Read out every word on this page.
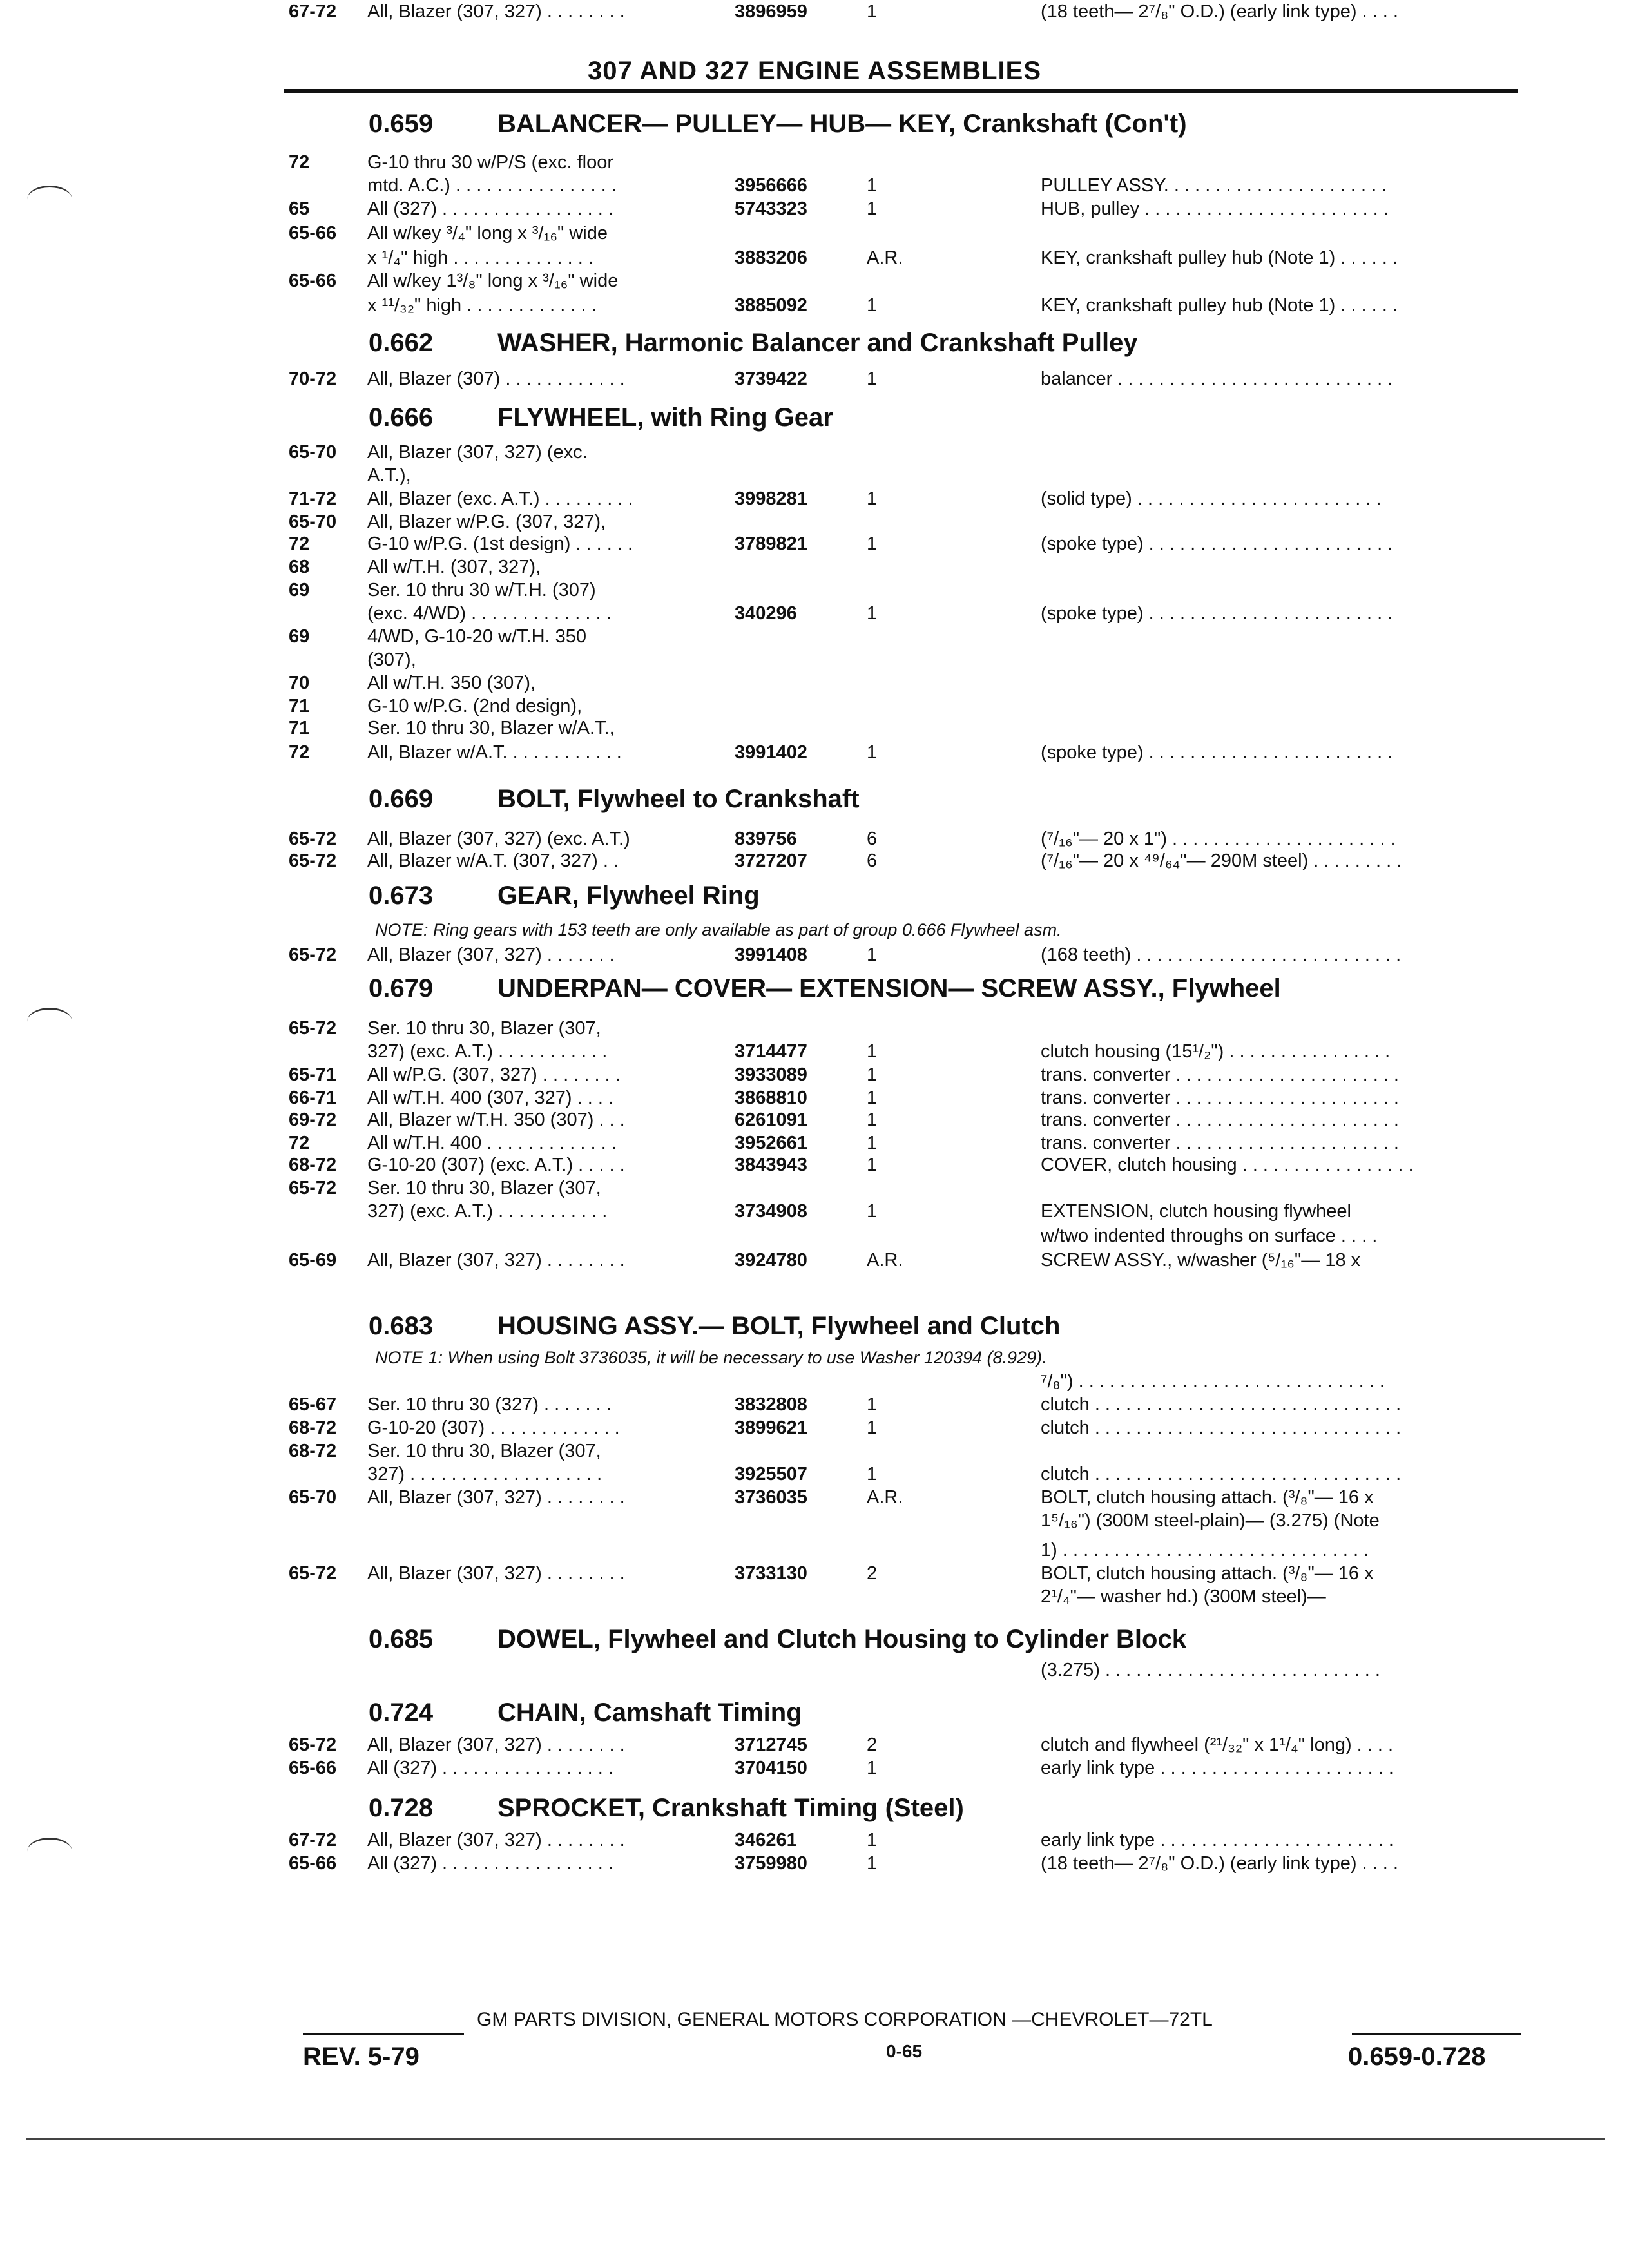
307 AND 327 ENGINE ASSEMBLIES
0.659 BALANCER— PULLEY— HUB— KEY, Crankshaft (Con't)
0.662 WASHER, Harmonic Balancer and Crankshaft Pulley
0.666 FLYWHEEL, with Ring Gear
0.669 BOLT, Flywheel to Crankshaft
0.673 GEAR, Flywheel Ring
0.679 UNDERPAN— COVER— EXTENSION— SCREW ASSY., Flywheel
0.683 HOUSING ASSY.— BOLT, Flywheel and Clutch
0.685 DOWEL, Flywheel and Clutch Housing to Cylinder Block
0.724 CHAIN, Camshaft Timing
0.728 SPROCKET, Crankshaft Timing (Steel)
NOTE: Ring gears with 153 teeth are only available as part of group 0.666 Flywheel asm.
NOTE 1: When using Bolt 3736035, it will be necessary to use Washer 120394 (8.929).
72	G-10 thru 30 w/P/S (exc. floor
mtd. A.C.) . . . . . . . . . . . . . . . .	3956666	1	PULLEY ASSY. . . . . . . . . . . . . . . . . . . . . .
65	All (327) . . . . . . . . . . . . . . . . .	5743323	1	HUB, pulley . . . . . . . . . . . . . . . . . . . . . . . .
65-66 All w/key ³/₄" long x ³/₁₆" wide
x ¹/₄" high . . . . . . . . . . . . . .	3883206	A.R.	KEY, crankshaft pulley hub (Note 1) . . . . . .
65-66 All w/key 1³/₈" long x ³/₁₆" wide
x ¹¹/₃₂" high . . . . . . . . . . . . .	3885092	1	KEY, crankshaft pulley hub (Note 1) . . . . . .
70-72 All, Blazer (307) . . . . . . . . . . . .	3739422	1	balancer . . . . . . . . . . . . . . . . . . . . . . . . . . .
65-70 All, Blazer (307, 327) (exc.
A.T.),
71-72 All, Blazer (exc. A.T.) . . . . . . . . .	3998281	1	(solid type) . . . . . . . . . . . . . . . . . . . . . . . .
65-70 All, Blazer w/P.G. (307, 327),
72	G-10 w/P.G. (1st design) . . . . . .	3789821	1	(spoke type) . . . . . . . . . . . . . . . . . . . . . . . .
68	All w/T.H. (307, 327),
69	Ser. 10 thru 30 w/T.H. (307)
(exc. 4/WD) . . . . . . . . . . . . . .	340296	1	(spoke type) . . . . . . . . . . . . . . . . . . . . . . . .
69	4/WD, G-10-20 w/T.H. 350
(307),
70	All w/T.H. 350 (307),
71	G-10 w/P.G. (2nd design),
71	Ser. 10 thru 30, Blazer w/A.T.,
72	All, Blazer w/A.T. . . . . . . . . . . .	3991402	1	(spoke type) . . . . . . . . . . . . . . . . . . . . . . . .
65-72 All, Blazer (307, 327) (exc. A.T.)	839756	6	(⁷/₁₆"— 20 x 1") . . . . . . . . . . . . . . . . . . . . . .
65-72 All, Blazer w/A.T. (307, 327) . .	3727207	6	(⁷/₁₆"— 20 x ⁴⁹/₆₄"— 290M steel) . . . . . . . . .
65-72 All, Blazer (307, 327) . . . . . . .	3991408	1	(168 teeth) . . . . . . . . . . . . . . . . . . . . . . . . . .
65-72 Ser. 10 thru 30, Blazer (307,
327) (exc. A.T.) . . . . . . . . . . .	3714477	1	clutch housing (15¹/₂") . . . . . . . . . . . . . . . .
65-71 All w/P.G. (307, 327) . . . . . . . .	3933089	1	trans. converter . . . . . . . . . . . . . . . . . . . . . .
66-71 All w/T.H. 400 (307, 327) . . . .	3868810	1	trans. converter . . . . . . . . . . . . . . . . . . . . . .
69-72 All, Blazer w/T.H. 350 (307) . . .	6261091	1	trans. converter . . . . . . . . . . . . . . . . . . . . . .
72	All w/T.H. 400 . . . . . . . . . . . . .	3952661	1	trans. converter . . . . . . . . . . . . . . . . . . . . . .
68-72 G-10-20 (307) (exc. A.T.) . . . . .	3843943	1	COVER, clutch housing . . . . . . . . . . . . . . . . .
65-72 Ser. 10 thru 30, Blazer (307,
327) (exc. A.T.) . . . . . . . . . . .	3734908	1	EXTENSION, clutch housing flywheel
w/two indented throughs on surface . . . .
65-69 All, Blazer (307, 327) . . . . . . . .	3924780	A.R.	SCREW ASSY., w/washer (⁵/₁₆"— 18 x
⁷/₈") . . . . . . . . . . . . . . . . . . . . . . . . . . . . . .
65-67 Ser. 10 thru 30 (327) . . . . . . .	3832808	1	clutch . . . . . . . . . . . . . . . . . . . . . . . . . . . . . .
68-72 G-10-20 (307) . . . . . . . . . . . . .	3899621	1	clutch . . . . . . . . . . . . . . . . . . . . . . . . . . . . . .
68-72 Ser. 10 thru 30, Blazer (307,
327) . . . . . . . . . . . . . . . . . . .	3925507	1	clutch . . . . . . . . . . . . . . . . . . . . . . . . . . . . . .
65-70 All, Blazer (307, 327) . . . . . . . .	3736035	A.R.	BOLT, clutch housing attach. (³/₈"— 16 x
1⁵/₁₆") (300M steel-plain)— (3.275) (Note
1) . . . . . . . . . . . . . . . . . . . . . . . . . . . . . .
65-72 All, Blazer (307, 327) . . . . . . . .	3733130	2	BOLT, clutch housing attach. (³/₈"— 16 x
2¹/₄"— washer hd.) (300M steel)—
(3.275) . . . . . . . . . . . . . . . . . . . . . . . . . . .
65-72 All, Blazer (307, 327) . . . . . . . .	3712745	2	clutch and flywheel (²¹/₃₂" x 1¹/₄" long) . . . .
65-66 All (327) . . . . . . . . . . . . . . . . .	3704150	1	early link type . . . . . . . . . . . . . . . . . . . . . . .
67-72 All, Blazer (307, 327) . . . . . . . .	346261	1	early link type . . . . . . . . . . . . . . . . . . . . . . .
65-66 All (327) . . . . . . . . . . . . . . . . .	3759980	1	(18 teeth— 2⁷/₈" O.D.) (early link type) . . . .
67-72 All, Blazer (307, 327) . . . . . . . .	3896959	1	(18 teeth— 2⁷/₈" O.D.) (early link type) . . . .
GM PARTS DIVISION, GENERAL MOTORS CORPORATION —CHEVROLET—72TL
REV. 5-79	0-65	0.659-0.728
